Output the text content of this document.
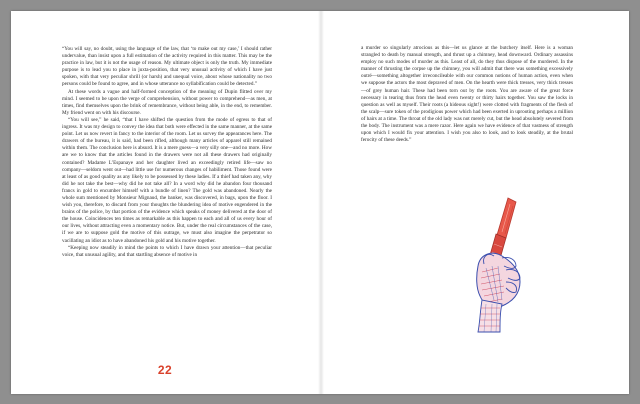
“You will say, no doubt, using the language of the law, that ‘to make out my case,’ I should rather undervalue, than insist upon a full estimation of the activity required in this matter. This may be the practice in law, but it is not the usage of reason. My ultimate object is only the truth. My immediate purpose is to lead you to place in juxta-position, that very unusual activity of which I have just spoken, with that very peculiar shrill (or harsh) and unequal voice, about whose nationality no two persons could be found to agree, and in whose utterance no syllabification could be detected.”

At these words a vague and half-formed conception of the meaning of Dupin flitted over my mind. I seemed to be upon the verge of comprehension, without power to comprehend—as men, at times, find themselves upon the brink of remembrance, without being able, in the end, to remember. My friend went on with his discourse.

“You will see,” he said, “that I have shifted the question from the mode of egress to that of ingress. It was my design to convey the idea that both were effected in the same manner, at the same point. Let us now revert in fancy to the interior of the room. Let us survey the appearances here. The drawers of the bureau, it is said, had been rifled, although many articles of apparel still remained within them. The conclusion here is absurd. It is a mere guess—a very silly one—and no more. How are we to know that the articles found in the drawers were not all these drawers had originally contained? Madame L’Espanaye and her daughter lived an exceedingly retired life—saw no company—seldom went out—had little use for numerous changes of habiliment. Those found were at least of as good quality as any likely to be possessed by these ladies. If a thief had taken any, why did he not take the best—why did he not take all? In a word why did he abandon four thousand francs in gold to encumber himself with a bundle of linen? The gold was abandoned. Nearly the whole sum mentioned by Monsieur Mignaud, the banker, was discovered, in bags, upon the floor. I wish you, therefore, to discard from your thoughts the blundering idea of motive engendered in the brains of the police, by that portion of the evidence which speaks of money delivered at the door of the house. Coincidences ten times as remarkable as this happen to each and all of us every hour of our lives, without attracting even a momentary notice. But, under the real circumstances of the case, if we are to suppose gold the motive of this outrage, we must also imagine the perpetrator so vacillating an idiot as to have abandoned his gold and his motive together.

“Keeping now steadily in mind the points to which I have drawn your attention—that peculiar voice, that unusual agility, and that startling absence of motive in

22

a murder so singularly atrocious as this—let us glance at the butchery itself. Here is a woman strangled to death by manual strength, and thrust up a chimney, head downward. Ordinary assassins employ no such modes of murder as this. Least of all, do they thus dispose of the murdered. In the manner of thrusting the corpse up the chimney, you will admit that there was something excessively outré—something altogether irreconcileable with our common notions of human action, even when we suppose the actors the most depraved of men. On the hearth were thick tresses, very thick tresses—of grey human hair. These had been torn out by the roots. You are aware of the great force necessary in tearing thus from the head even twenty or thirty hairs together. You saw the locks in question as well as myself. Their roots (a hideous sight!) were clotted with fragments of the flesh of the scalp—sure token of the prodigious power which had been exerted in uprooting perhaps a million of hairs at a time. The throat of the old lady was not merely cut, but the head absolutely severed from the body. The instrument was a mere razor. Here again we have evidence of that vastness of strength upon which I would fix your attention. I wish you also to look, and to look steadily, at the brutal ferocity of these deeds.”
